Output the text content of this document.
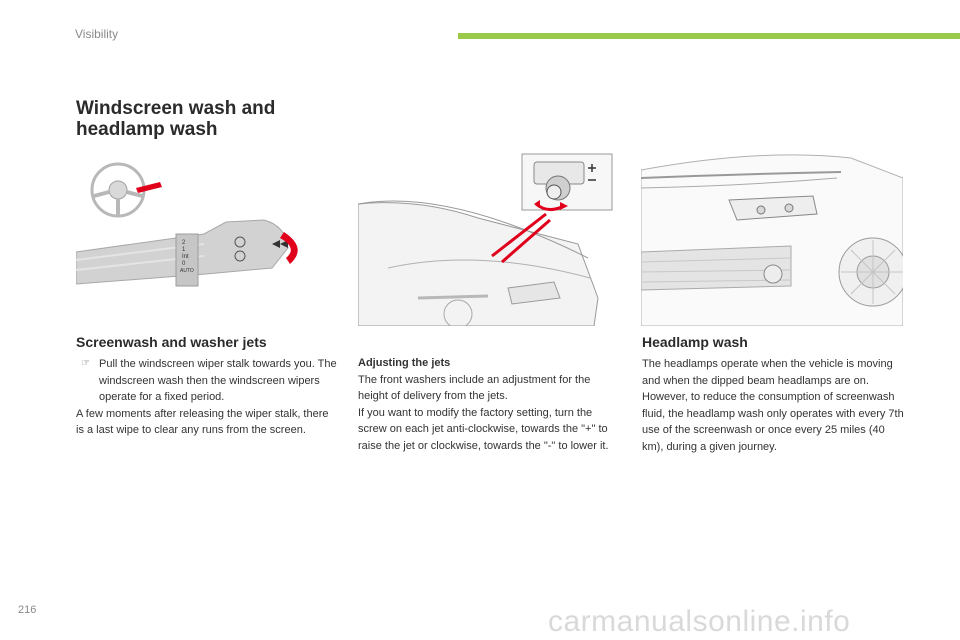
Visibility
Windscreen wash and
headlamp wash
2
1
Int
0
AUTO
Screenwash and washer jets
☞ Pull the windscreen wiper stalk towards you. The windscreen wash then the windscreen wipers operate for a fixed period.
A few moments after releasing the wiper stalk, there is a last wipe to clear any runs from the screen.
Adjusting the jets
The front washers include an adjustment for the height of delivery from the jets.
If you want to modify the factory setting, turn the screw on each jet anti-clockwise, towards the "+" to raise the jet or clockwise, towards the "-" to lower it.
Headlamp wash
The headlamps operate when the vehicle is moving and when the dipped beam headlamps are on. However, to reduce the consumption of screenwash fluid, the headlamp wash only operates with every 7th use of the screenwash or once every 25 miles (40 km), during a given journey.
216	carmanualsonline.info
